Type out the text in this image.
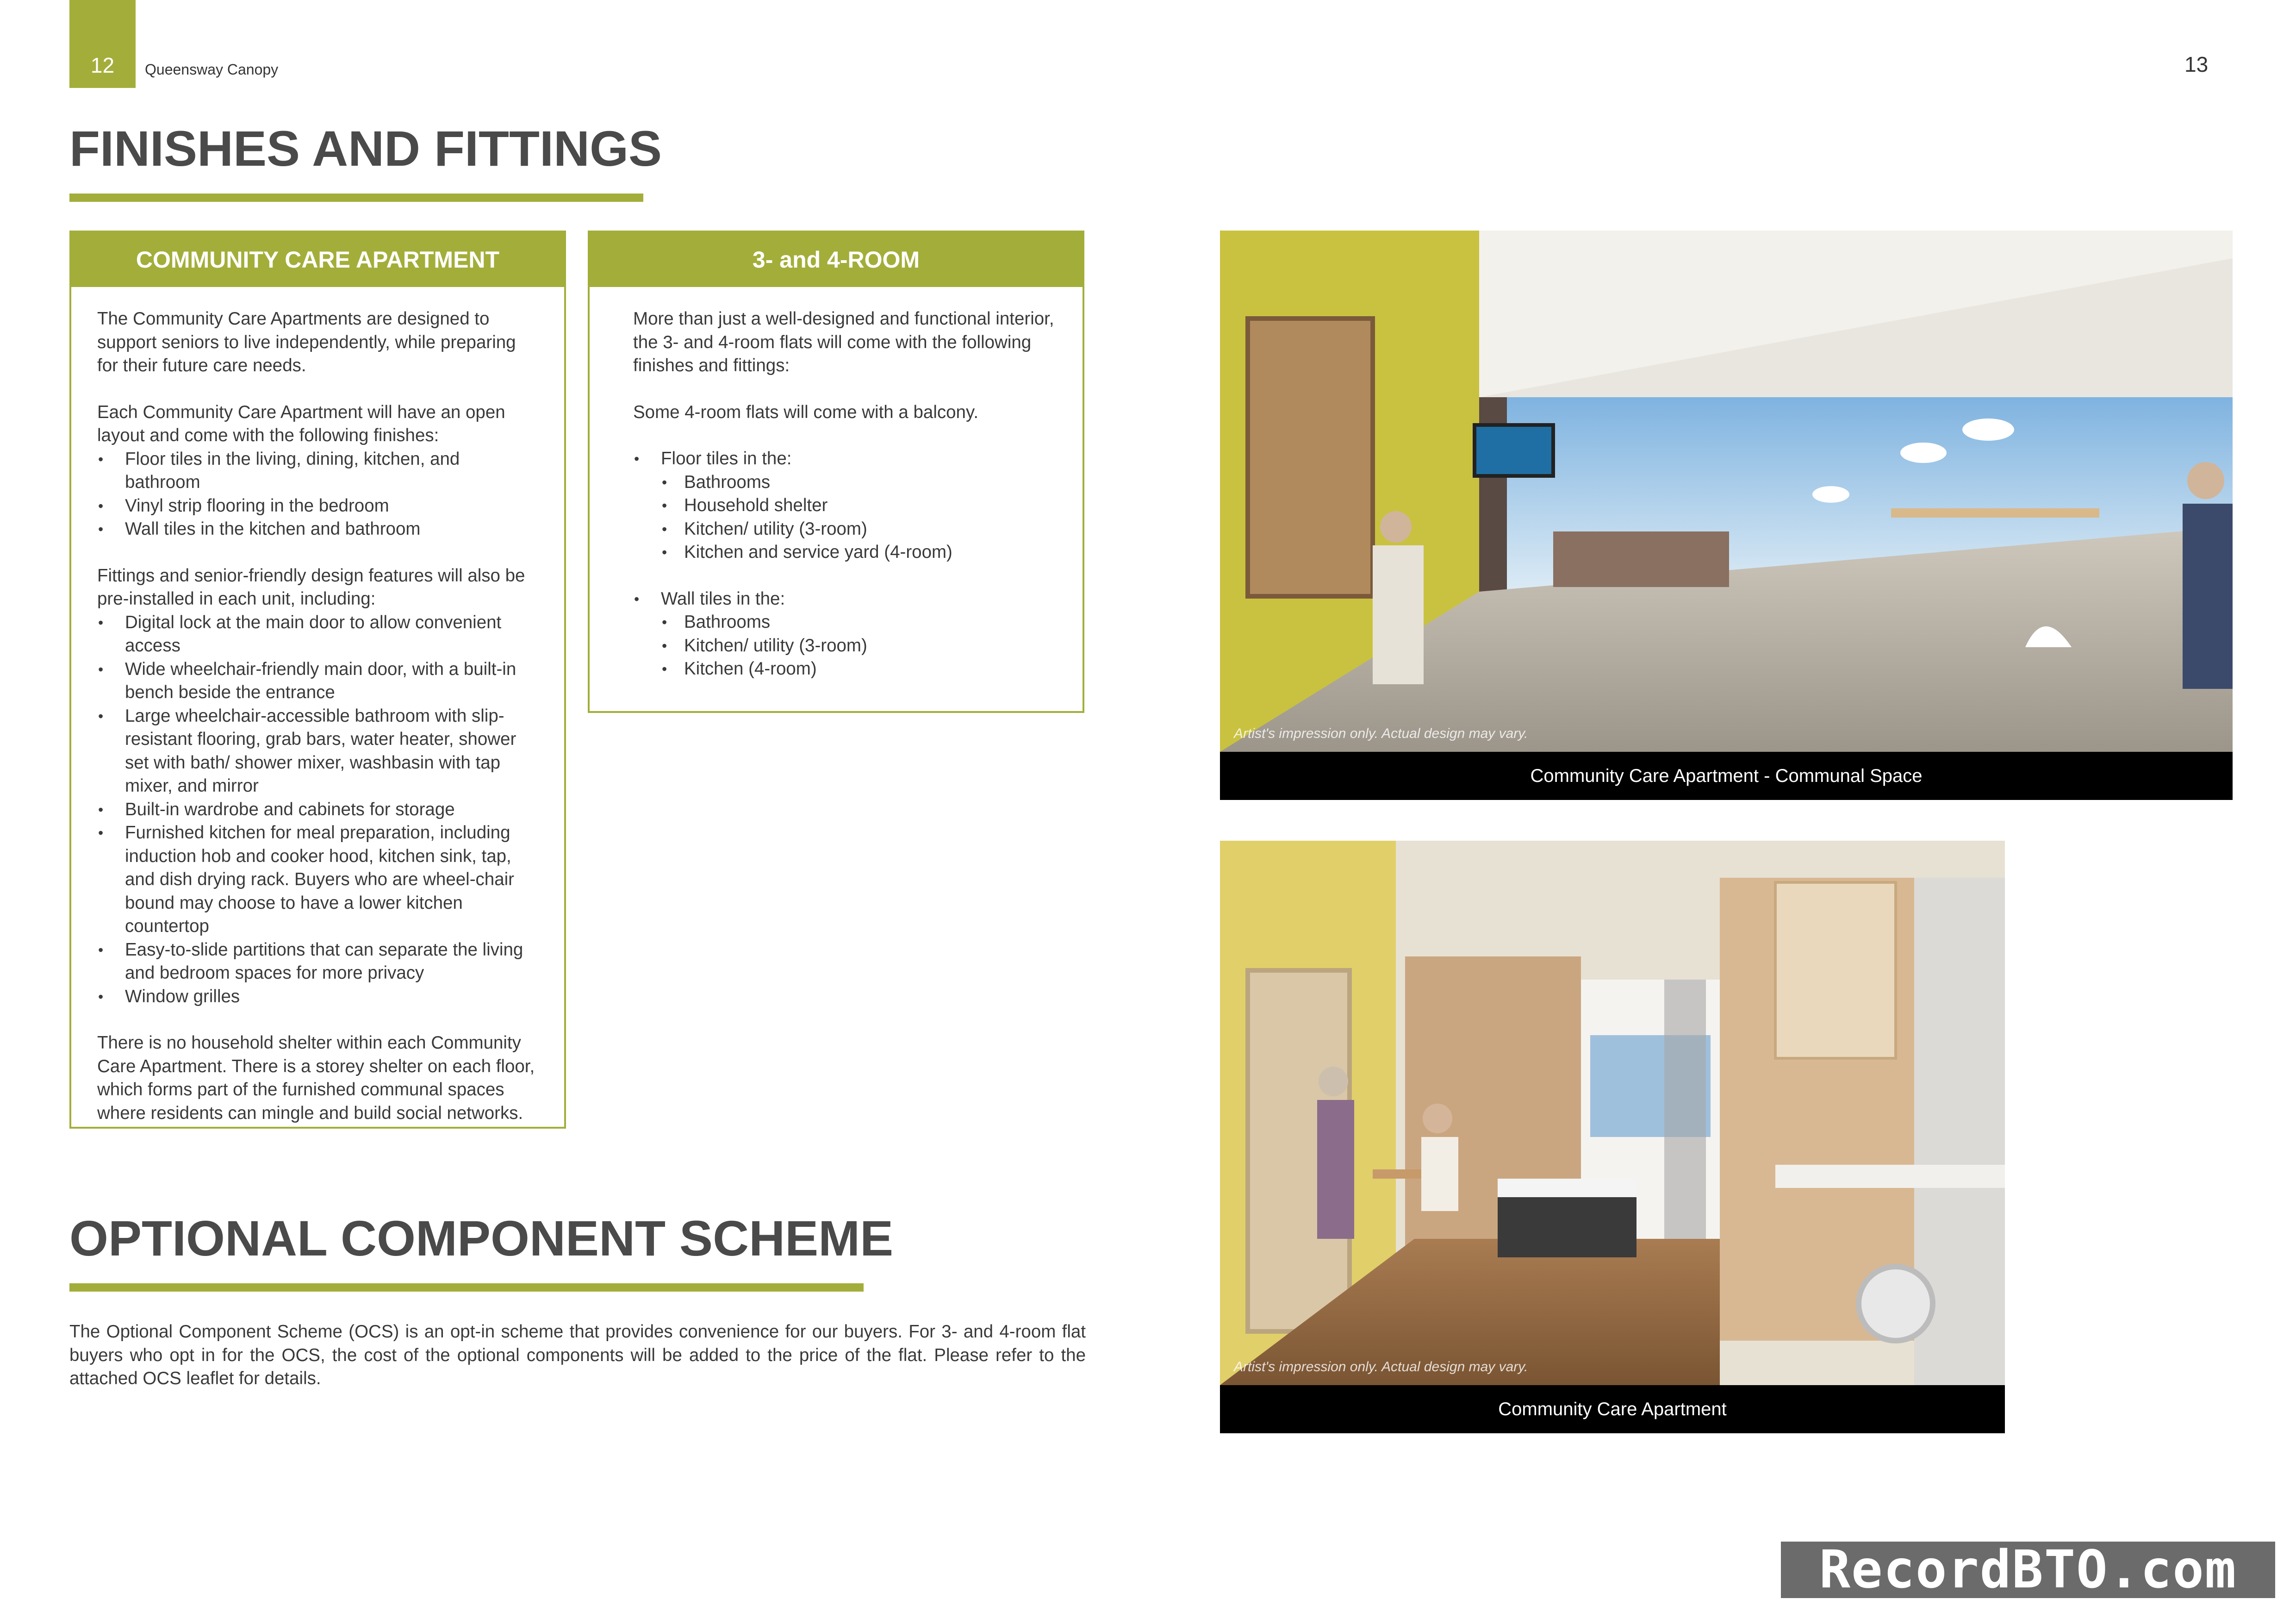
12	Queensway Canopy	13
FINISHES AND FITTINGS
COMMUNITY CARE APARTMENT

The Community Care Apartments are designed to support seniors to live independently, while preparing for their future care needs.

Each Community Care Apartment will have an open layout and come with the following finishes:
• Floor tiles in the living, dining, kitchen, and bathroom
• Vinyl strip flooring in the bedroom
• Wall tiles in the kitchen and bathroom
Fittings and senior-friendly design features will also be pre-installed in each unit, including:
• Digital lock at the main door to allow convenient access
• Wide wheelchair-friendly main door, with a built-in bench beside the entrance
• Large wheelchair-accessible bathroom with slip-resistant flooring, grab bars, water heater, shower set with bath/ shower mixer, washbasin with tap mixer, and mirror
• Built-in wardrobe and cabinets for storage
• Furnished kitchen for meal preparation, including induction hob and cooker hood, kitchen sink, tap, and dish drying rack. Buyers who are wheel-chair bound may choose to have a lower kitchen countertop
• Easy-to-slide partitions that can separate the living and bedroom spaces for more privacy
• Window grilles

There is no household shelter within each Community Care Apartment. There is a storey shelter on each floor, which forms part of the furnished communal spaces where residents can mingle and build social networks.

3- and 4-ROOM

More than just a well-designed and functional interior, the 3- and 4-room flats will come with the following finishes and fittings:

Some 4-room flats will come with a balcony.

• Floor tiles in the:
• Bathrooms
• Household shelter
• Kitchen/ utility (3-room)
• Kitchen and service yard (4-room)
• Wall tiles in the:
• Bathrooms
• Kitchen/ utility (3-room)
• Kitchen (4-room)
OPTIONAL COMPONENT SCHEME
The Optional Component Scheme (OCS) is an opt-in scheme that provides convenience for our buyers. For 3- and 4-room flat buyers who opt in for the OCS, the cost of the optional components will be added to the price of the flat. Please refer to the attached OCS leaflet for details.
Artist's impression only. Actual design may vary.
Community Care Apartment - Communal Space
Artist's impression only. Actual design may vary.
Community Care Apartment
RecordBTO.com
